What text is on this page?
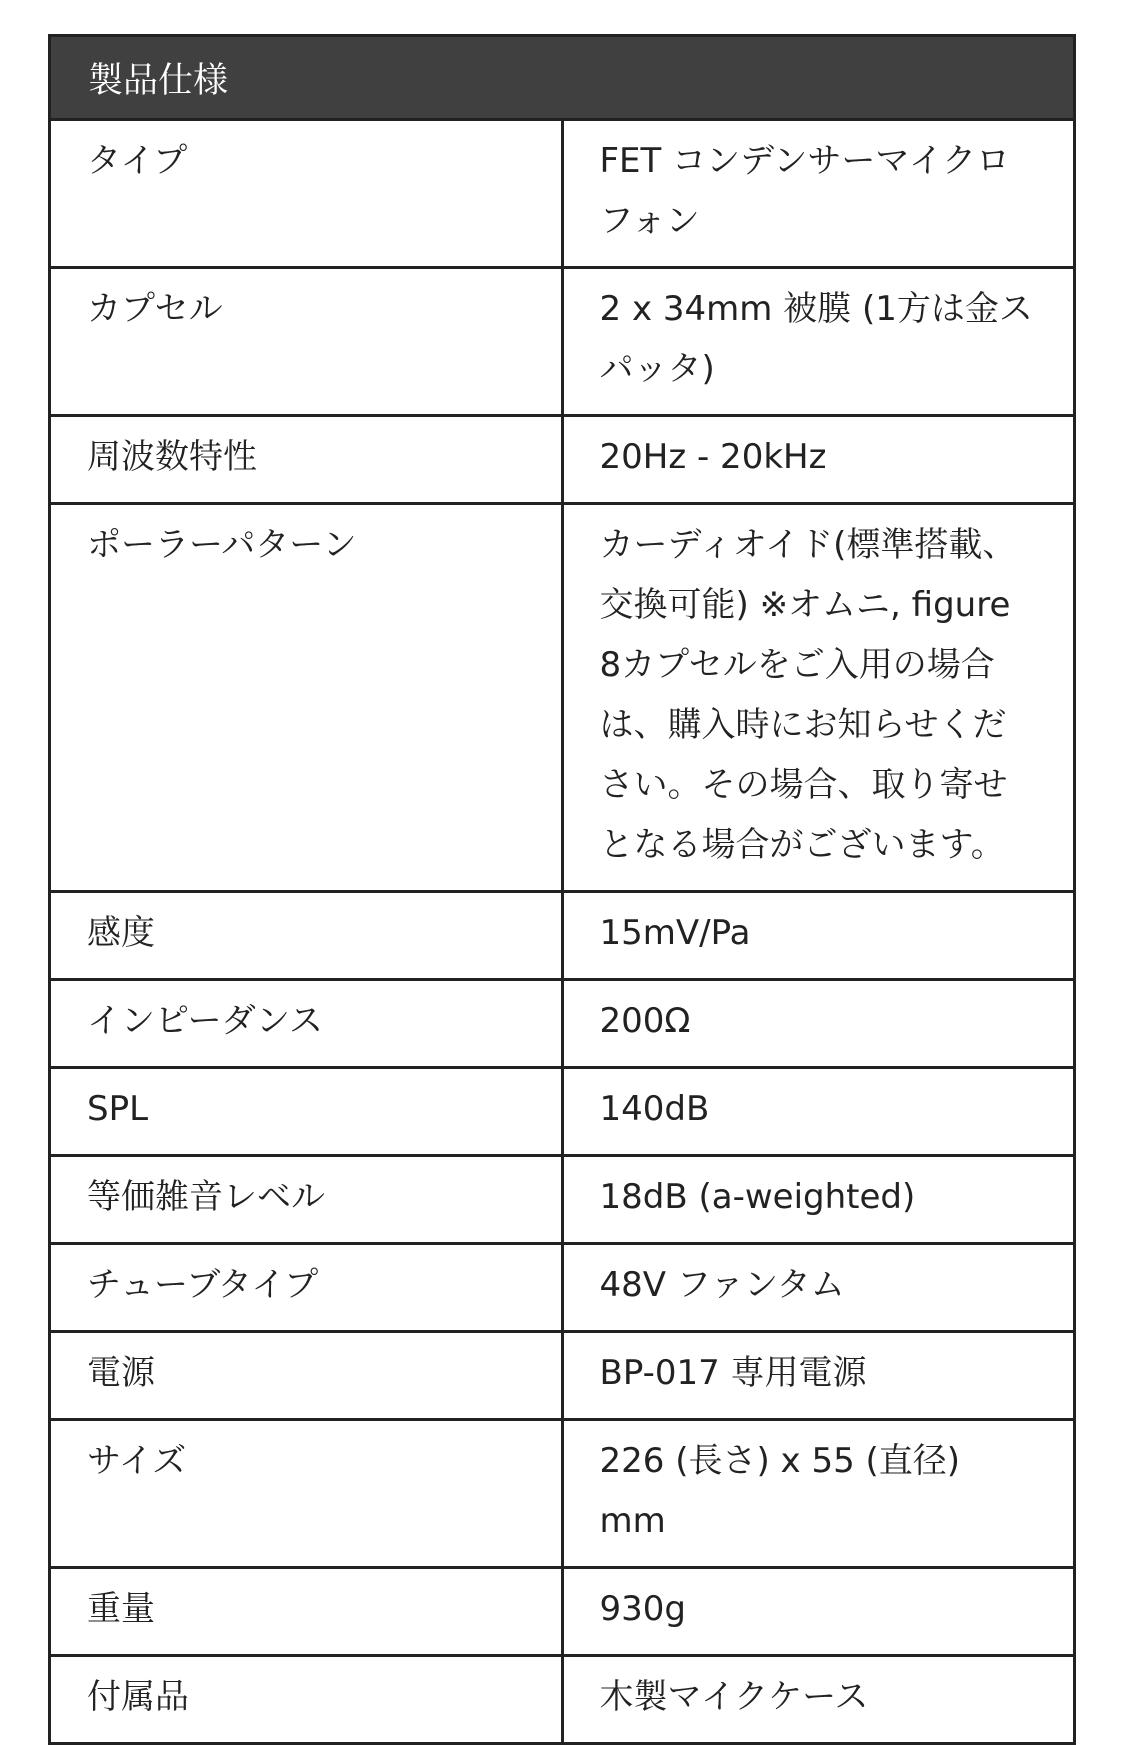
製品仕様	
タイプ	FET コンデンサーマイクロフォン
カプセル	2 x 34mm 被膜 (1方は金スパッタ)
周波数特性	20Hz - 20kHz
ポーラーパターン	カーディオイド(標準搭載、交換可能) ※オムニ, figure 8カプセルをご入用の場合は、購入時にお知らせください。その場合、取り寄せとなる場合がございます。
感度	15mV/Pa
インピーダンス	200Ω
SPL	140dB
等価雑音レベル	18dB (a-weighted)
チューブタイプ	48V ファンタム
電源	BP-017 専用電源
サイズ	226 (長さ) x 55 (直径) mm
重量	930g
付属品	木製マイクケース
